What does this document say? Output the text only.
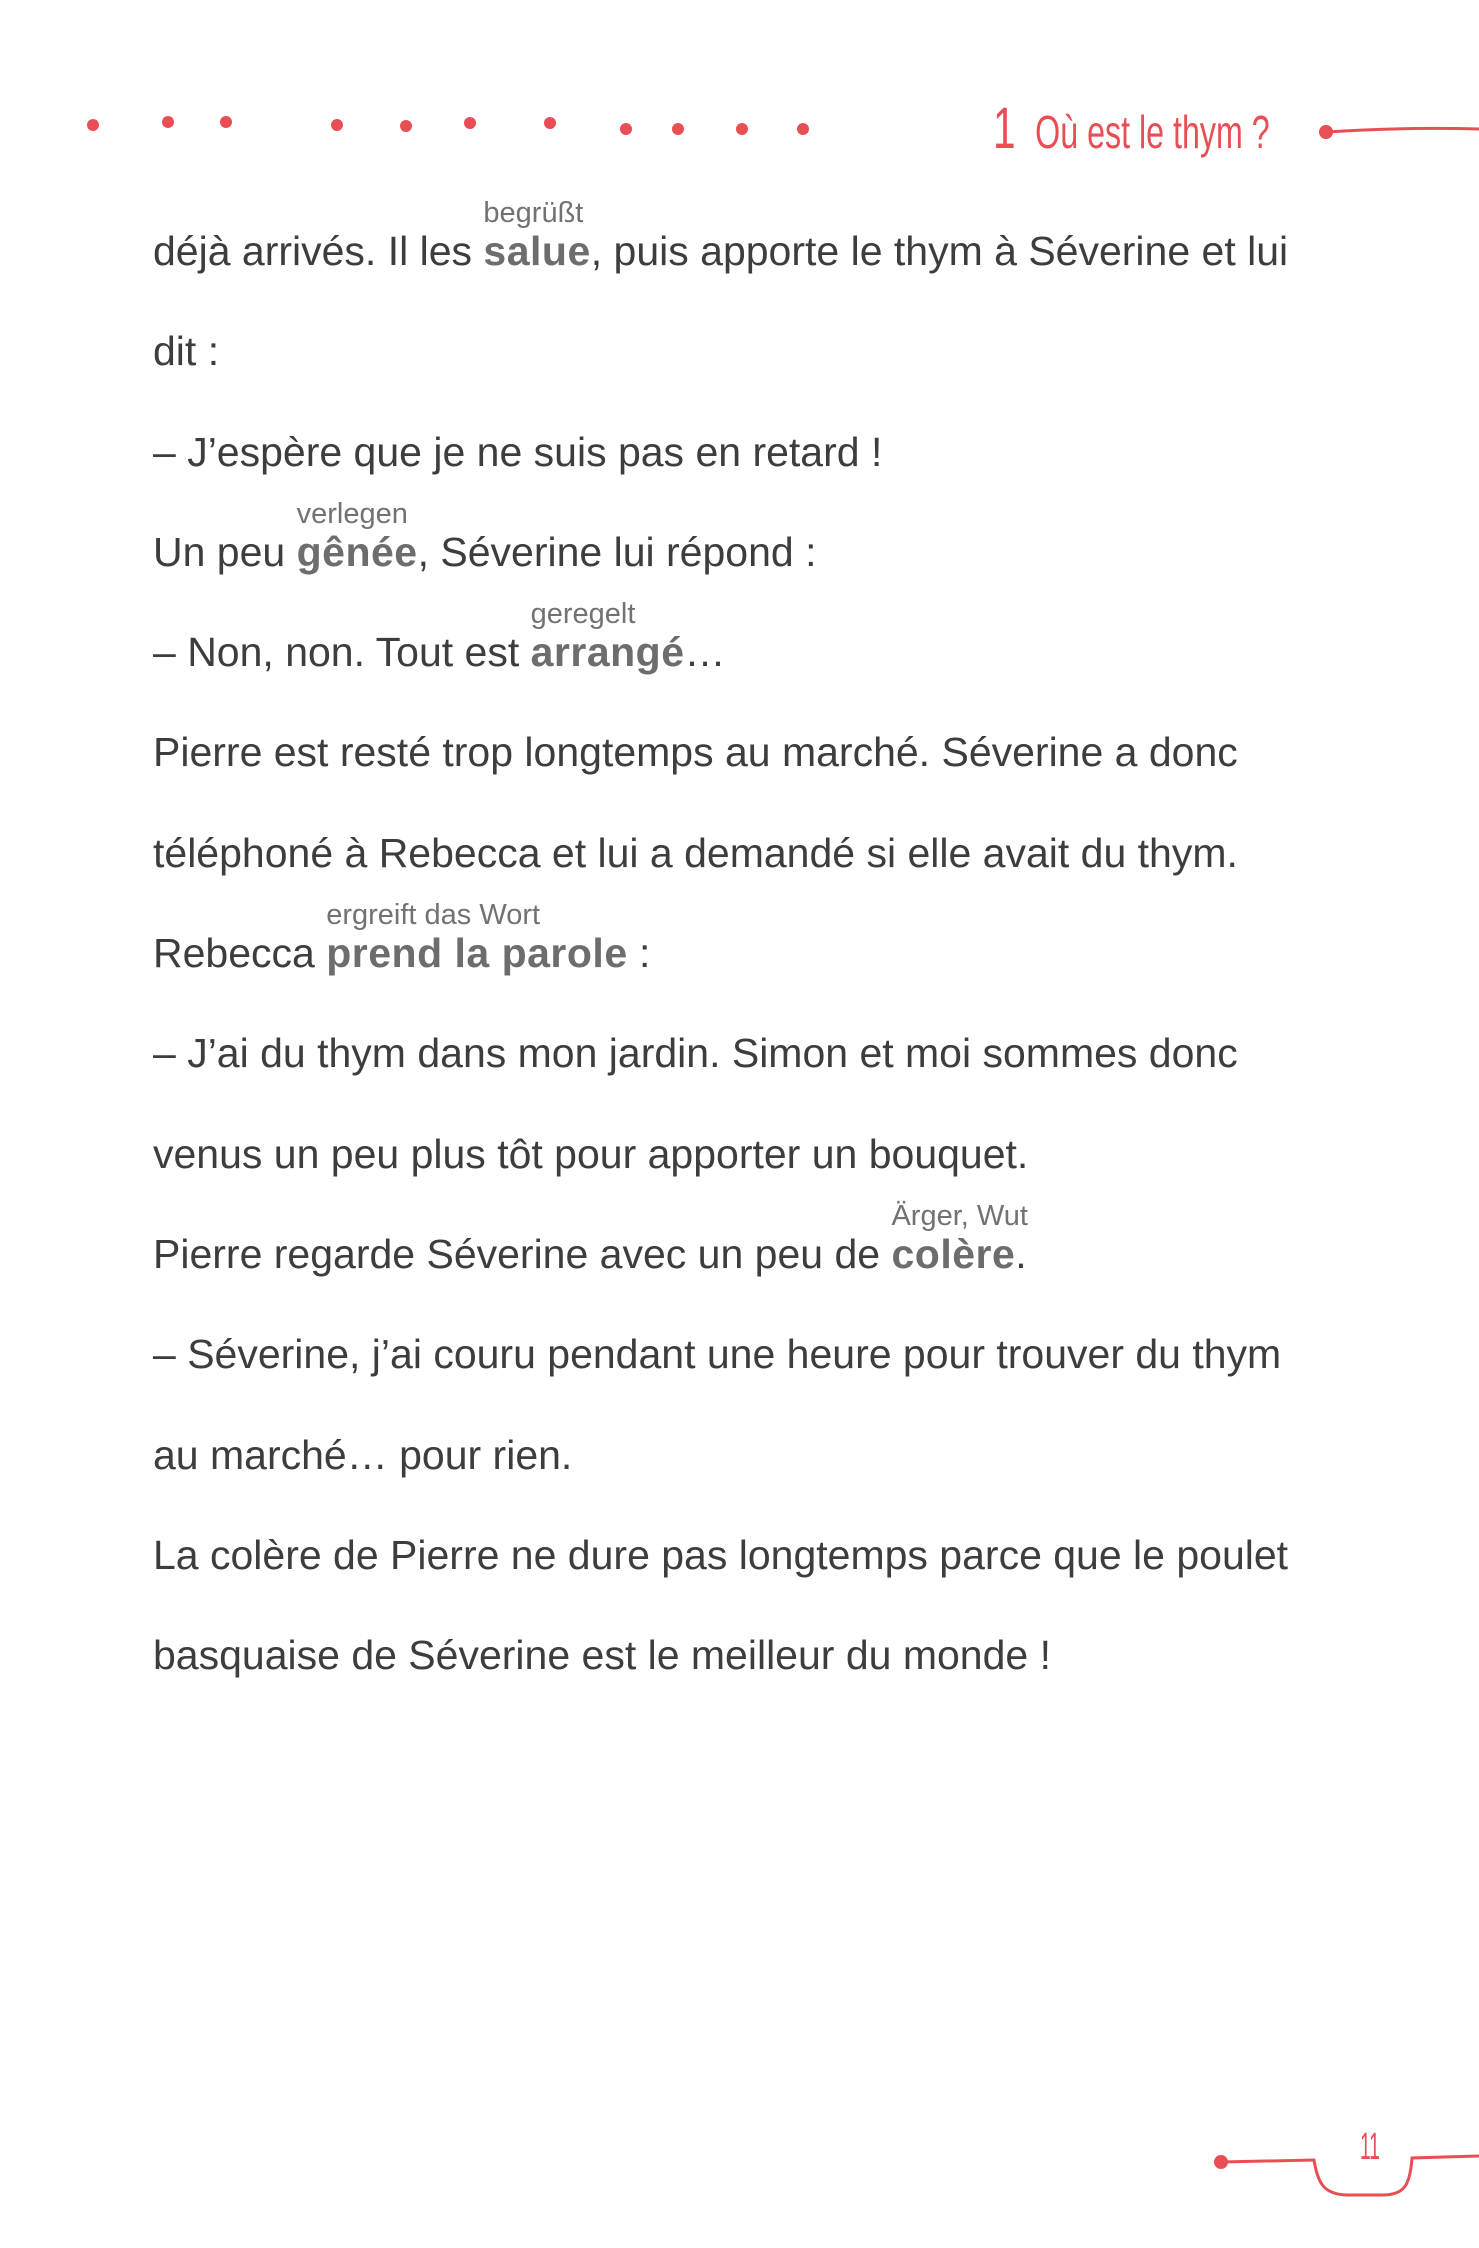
1 Où est le thym ?
déjà arrivés. Il les
begrüßt
salue, puis apporte le thym à Séverine et lui
dit :
– J’espère que je ne suis pas en retard !
Un peu
verlegen
gênée, Séverine lui répond :
– Non, non. Tout est
geregelt
arrangé…
Pierre est resté trop longtemps au marché. Séverine a donc
téléphoné à Rebecca et lui a demandé si elle avait du thym.
Rebecca
ergreift das Wort
prend la parole :
– J’ai du thym dans mon jardin. Simon et moi sommes donc
venus un peu plus tôt pour apporter un bouquet.
Pierre regarde Séverine avec un peu de
Ärger, Wut
colère.
– Séverine, j’ai couru pendant une heure pour trouver du thym
au marché… pour rien.
La colère de Pierre ne dure pas longtemps parce que le poulet
basquaise de Séverine est le meilleur du monde !
11
